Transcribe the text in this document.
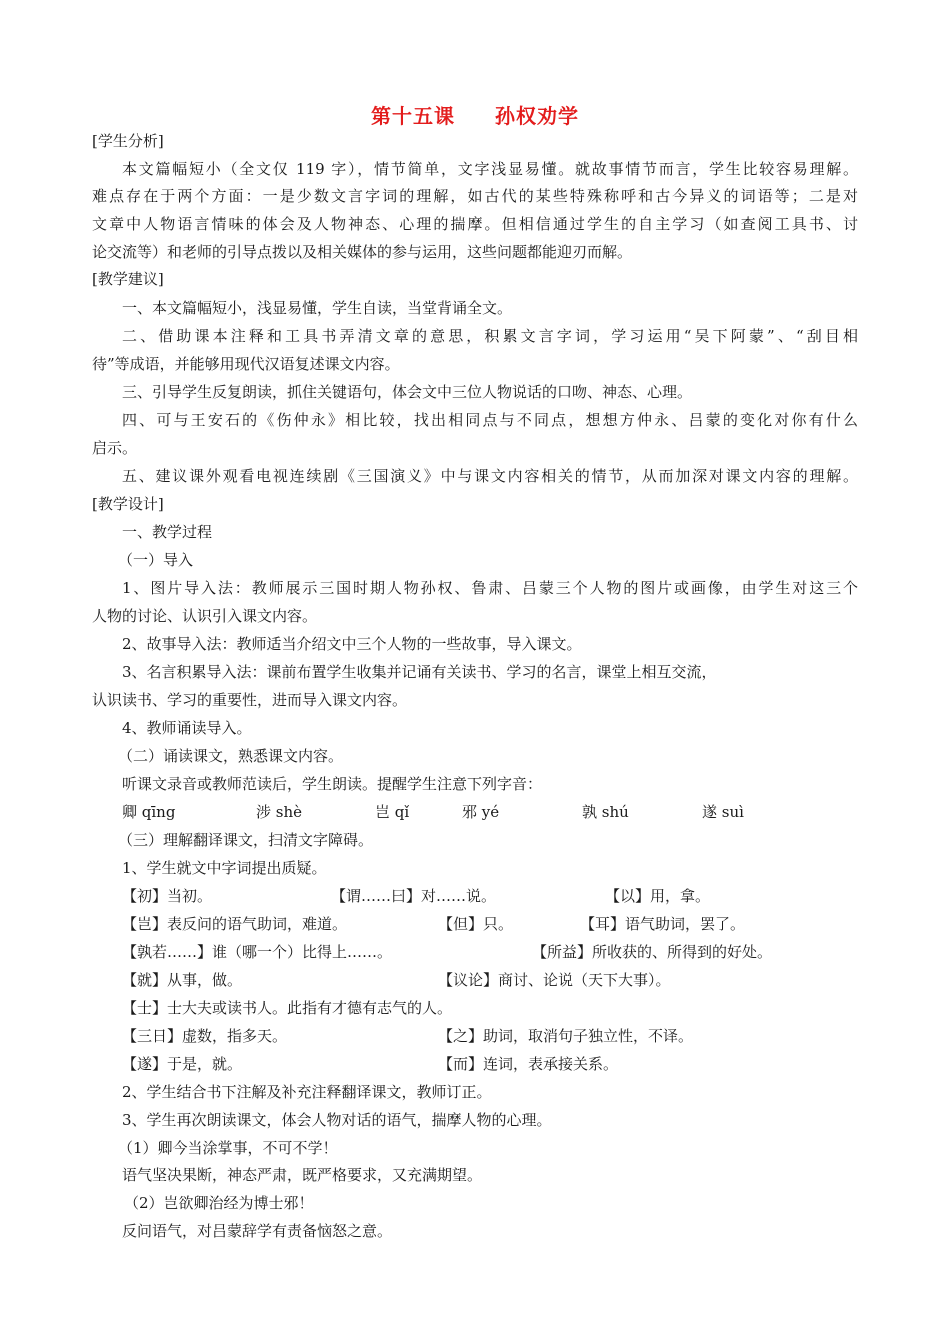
第十五课 孙权劝学
[学生分析]
本文篇幅短小（全文仅 119 字），情节简单，文字浅显易懂。就故事情节而言，学生比较容易理解。
难点存在于两个方面：一是少数文言字词的理解，如古代的某些特殊称呼和古今异义的词语等；二是对
文章中人物语言情味的体会及人物神态、心理的揣摩。但相信通过学生的自主学习（如查阅工具书、讨
论交流等）和老师的引导点拨以及相关媒体的参与运用，这些问题都能迎刃而解。
[教学建议]
一、本文篇幅短小，浅显易懂，学生自读，当堂背诵全文。
二、借助课本注释和工具书弄清文章的意思，积累文言字词，学习运用“吴下阿蒙”、“刮目相
待”等成语，并能够用现代汉语复述课文内容。
三、引导学生反复朗读，抓住关键语句，体会文中三位人物说话的口吻、神态、心理。
四、可与王安石的《伤仲永》相比较，找出相同点与不同点，想想方仲永、吕蒙的变化对你有什么
启示。
五、建议课外观看电视连续剧《三国演义》中与课文内容相关的情节，从而加深对课文内容的理解。
[教学设计]
一、教学过程
（一）导入
1、图片导入法：教师展示三国时期人物孙权、鲁肃、吕蒙三个人物的图片或画像，由学生对这三个
人物的讨论、认识引入课文内容。
2、故事导入法：教师适当介绍文中三个人物的一些故事，导入课文。
3、名言积累导入法：课前布置学生收集并记诵有关读书、学习的名言，课堂上相互交流，
认识读书、学习的重要性，进而导入课文内容。
4、教师诵读导入。
（二）诵读课文，熟悉课文内容。
听课文录音或教师范读后，学生朗读。提醒学生注意下列字音：
卿 qīng	涉 shè	岂 qǐ	邪 yé	孰 shú	遂 suì
（三）理解翻译课文，扫清文字障碍。
1、学生就文中字词提出质疑。
【初】当初。	【谓……曰】对……说。	【以】用，拿。
【岂】表反问的语气助词，难道。	【但】只。	【耳】语气助词，罢了。
【孰若……】谁（哪一个）比得上……。	【所益】所收获的、所得到的好处。
【就】从事，做。	【议论】商讨、论说（天下大事）。
【士】士大夫或读书人。此指有才德有志气的人。
【三日】虚数，指多天。	【之】助词，取消句子独立性，不译。
【遂】于是，就。	【而】连词，表承接关系。
2、学生结合书下注解及补充注释翻译课文，教师订正。
3、学生再次朗读课文，体会人物对话的语气，揣摩人物的心理。
（1）卿今当涂掌事，不可不学！
语气坚决果断，神态严肃，既严格要求，又充满期望。
（2）岂欲卿治经为博士邪！
反问语气，对吕蒙辞学有责备恼怒之意。
